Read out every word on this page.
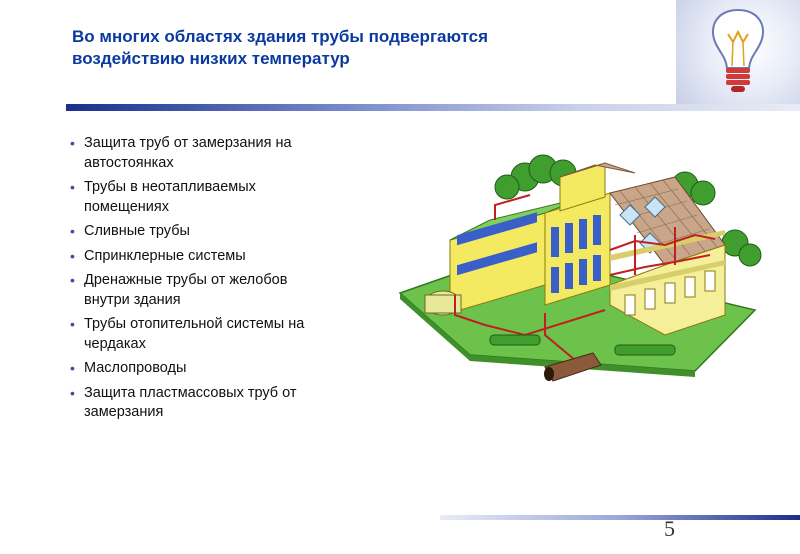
Во многих областях здания трубы подвергаются
воздействию низких температур
• Защита труб от замерзания на
автостоянках
• Трубы в неотапливаемых
помещениях
• Сливные трубы
• Спринклерные системы
• Дренажные трубы от желобов
внутри здания
• Трубы отопительной системы на
чердаках
• Маслопроводы
• Защита пластмассовых труб от
замерзания
5
